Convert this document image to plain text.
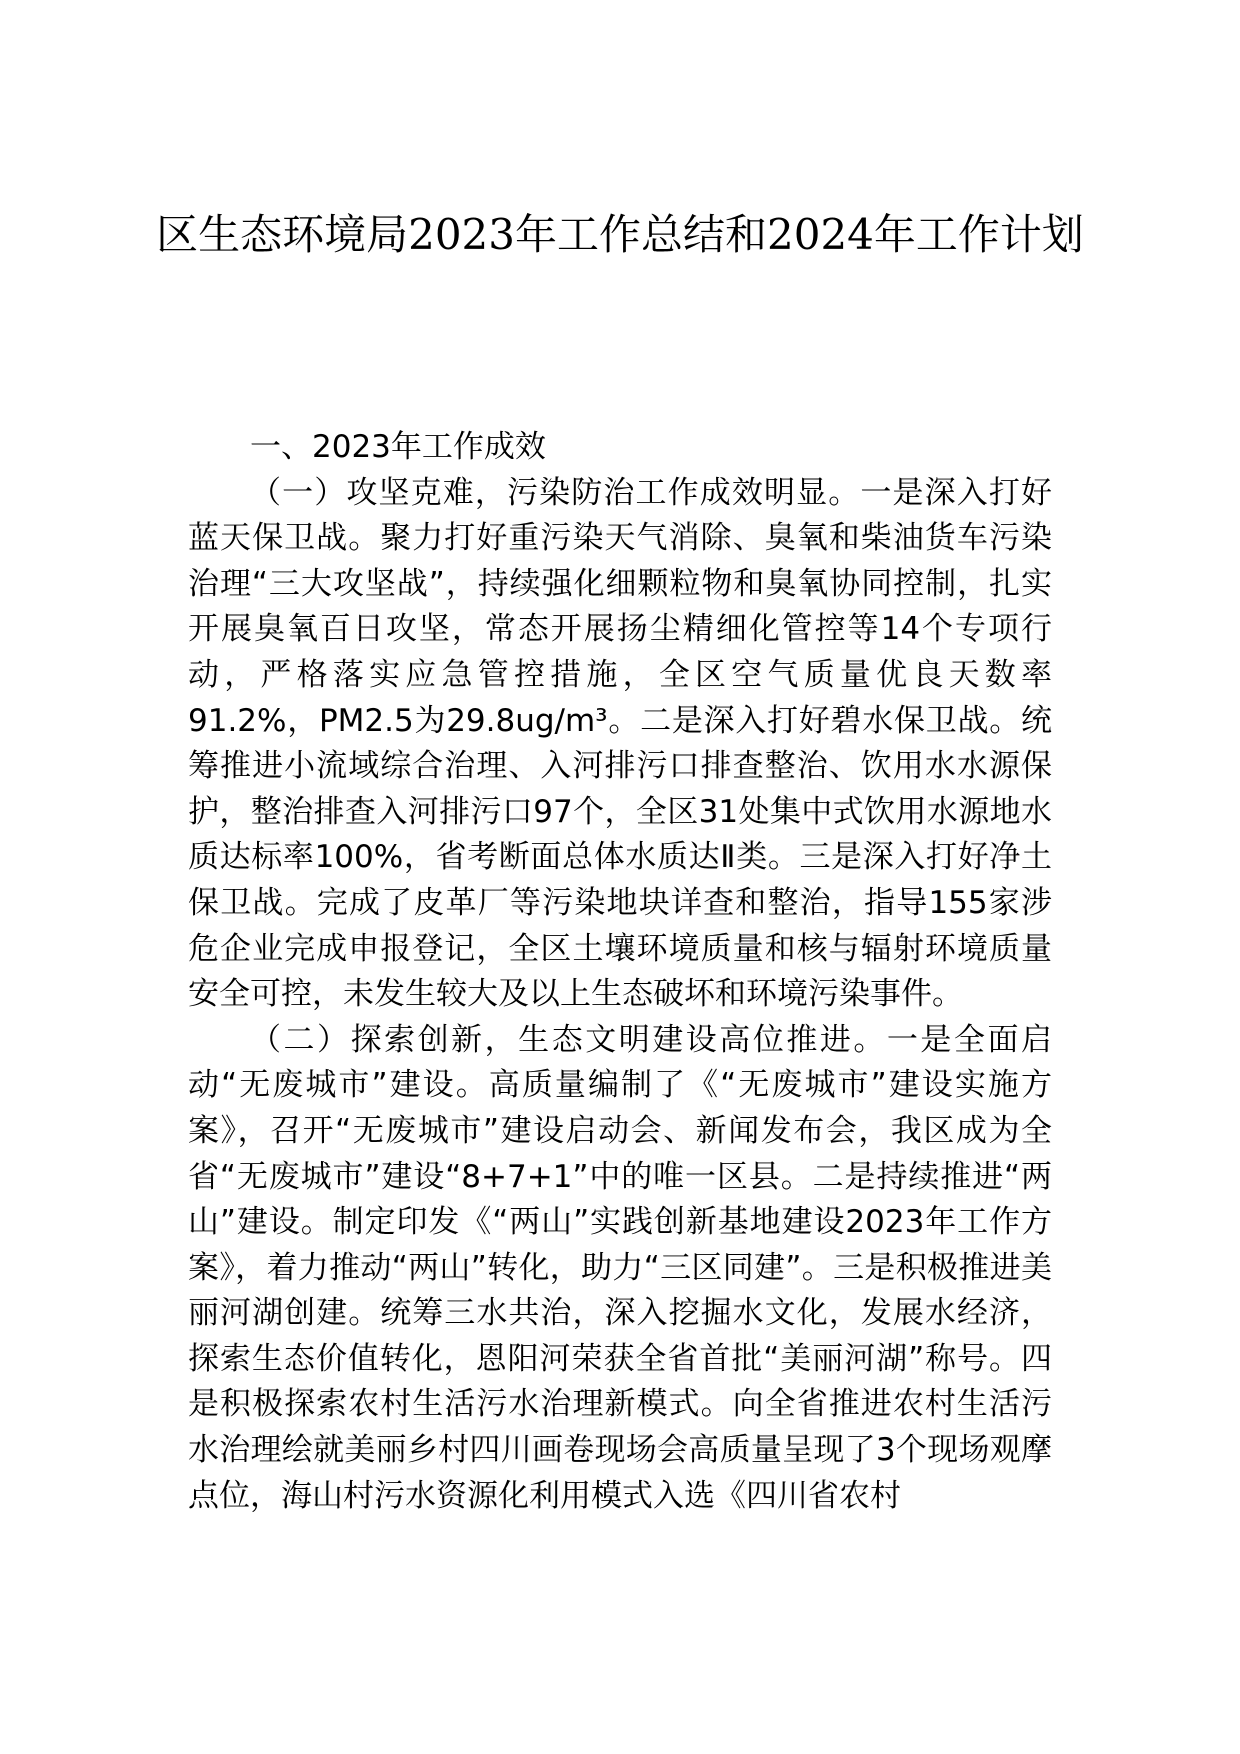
区生态环境局2023年工作总结和2024年工作计划

一、2023年工作成效

（一）攻坚克难，污染防治工作成效明显。一是深入打好蓝天保卫战。聚力打好重污染天气消除、臭氧和柴油货车污染治理“三大攻坚战”，持续强化细颗粒物和臭氧协同控制，扎实开展臭氧百日攻坚，常态开展扬尘精细化管控等14个专项行动，严格落实应急管控措施，全区空气质量优良天数率91.2%，PM2.5为29.8ug/m³。二是深入打好碧水保卫战。统筹推进小流域综合治理、入河排污口排查整治、饮用水水源保护，整治排查入河排污口97个，全区31处集中式饮用水源地水质达标率100%，省考断面总体水质达Ⅱ类。三是深入打好净土保卫战。完成了皮革厂等污染地块详查和整治，指导155家涉危企业完成申报登记，全区土壤环境质量和核与辐射环境质量安全可控，未发生较大及以上生态破坏和环境污染事件。

（二）探索创新，生态文明建设高位推进。一是全面启动“无废城市”建设。高质量编制了《“无废城市”建设实施方案》，召开“无废城市”建设启动会、新闻发布会，我区成为全省“无废城市”建设“8+7+1”中的唯一区县。二是持续推进“两山”建设。制定印发《“两山”实践创新基地建设2023年工作方案》，着力推动“两山”转化，助力“三区同建”。三是积极推进美丽河湖创建。统筹三水共治，深入挖掘水文化，发展水经济，探索生态价值转化，恩阳河荣获全省首批“美丽河湖”称号。四是积极探索农村生活污水治理新模式。向全省推进农村生活污水治理绘就美丽乡村四川画卷现场会高质量呈现了3个现场观摩点位，海山村污水资源化利用模式入选《四川省农村
